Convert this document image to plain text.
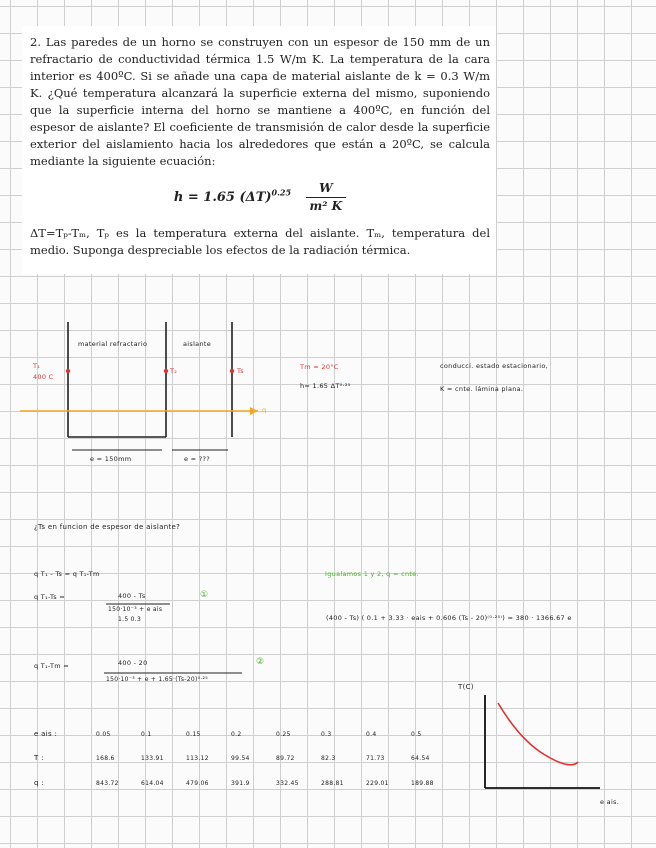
2. Las paredes de un horno se construyen con un espesor de 150 mm de un refractario de conductividad térmica 1.5 W/m K. La temperatura de la cara interior es 400ºC. Si se añade una capa de material aislante de k = 0.3 W/m K. ¿Qué temperatura alcanzará la superficie externa del mismo, suponiendo que la superficie interna del horno se mantiene a 400ºC, en función del espesor de aislante? El coeficiente de transmisión de calor desde la superficie exterior del aislamiento hacia los alrededores que están a 20ºC, se calcula mediante la siguiente ecuación:

h = 1.65 $(\Delta T)^{0.25} \frac{W}{\text{m² K}}$

ΔT=Tₚ-Tₘ, Tₚ es la temperatura externa del aislante. Tₘ, temperatura del medio. Suponga despreciable los efectos de la radiación térmica.

material refractario	aislante
T₁
400 C
T₂	Ts
q
e = 150mm	e = ???
Tm = 20°C
h= 1.65 ΔT⁰·²⁵
conducci. estado estacionario,
K = cnte. lámina plana.
¿Ts en funcion de espesor de aislante?
q T₁ - Ts = q T₁-Tm	Igualamos 1 y 2, q = cnte.
q T₁-Ts =	400 - Ts
150·10⁻³ + e ais
1.5 0.3
①
(400 - Ts) ( 0.1 + 3.33 · eais + 0.606 (Ts - 20)⁽⁰·²⁵⁾) = 380 · 1366.67 e
q T₁-Tm =	400 - 20
150·10⁻³ + e + 1.65·(Ts-20)⁰·²⁵
②
e ais :	0.05	0.1	0.15	0.2	0.25	0.3	0.4	0.5
T :	168.6	133.91	113.12	99.54	89.72	82.3	71.73	64.54
q :	843.72	614.04	479.06	391.9	332.45	288.81	229.01	189.88
T(C)
e ais.
